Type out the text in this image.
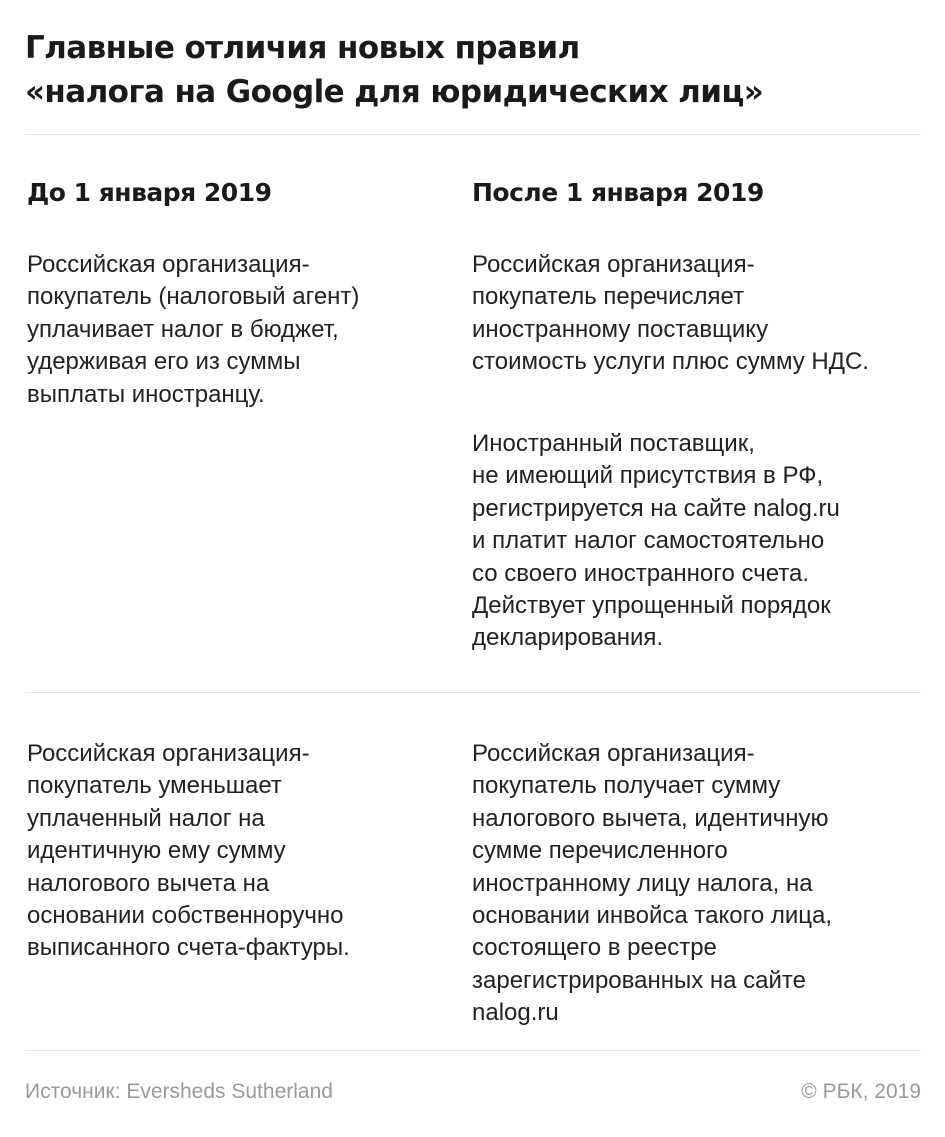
Главные отличия новых правил
«налога на Google для юридических лиц»
До 1 января 2019	После 1 января 2019
Российская организация-
покупатель (налоговый агент)
уплачивает налог в бюджет,
удерживая его из суммы
выплаты иностранцу.
Российская организация-
покупатель перечисляет
иностранному поставщику
стоимость услуги плюс сумму НДС.
Иностранный поставщик,
не имеющий присутствия в РФ,
регистрируется на сайте nalog.ru
и платит налог самостоятельно
со своего иностранного счета.
Действует упрощенный порядок
декларирования.
Российская организация-
покупатель уменьшает
уплаченный налог на
идентичную ему сумму
налогового вычета на
основании собственноручно
выписанного счета-фактуры.
Российская организация-
покупатель получает сумму
налогового вычета, идентичную
сумме перечисленного
иностранному лицу налога, на
основании инвойса такого лица,
состоящего в реестре
зарегистрированных на сайте
nalog.ru
Источник: Eversheds Sutherland	© РБК, 2019
